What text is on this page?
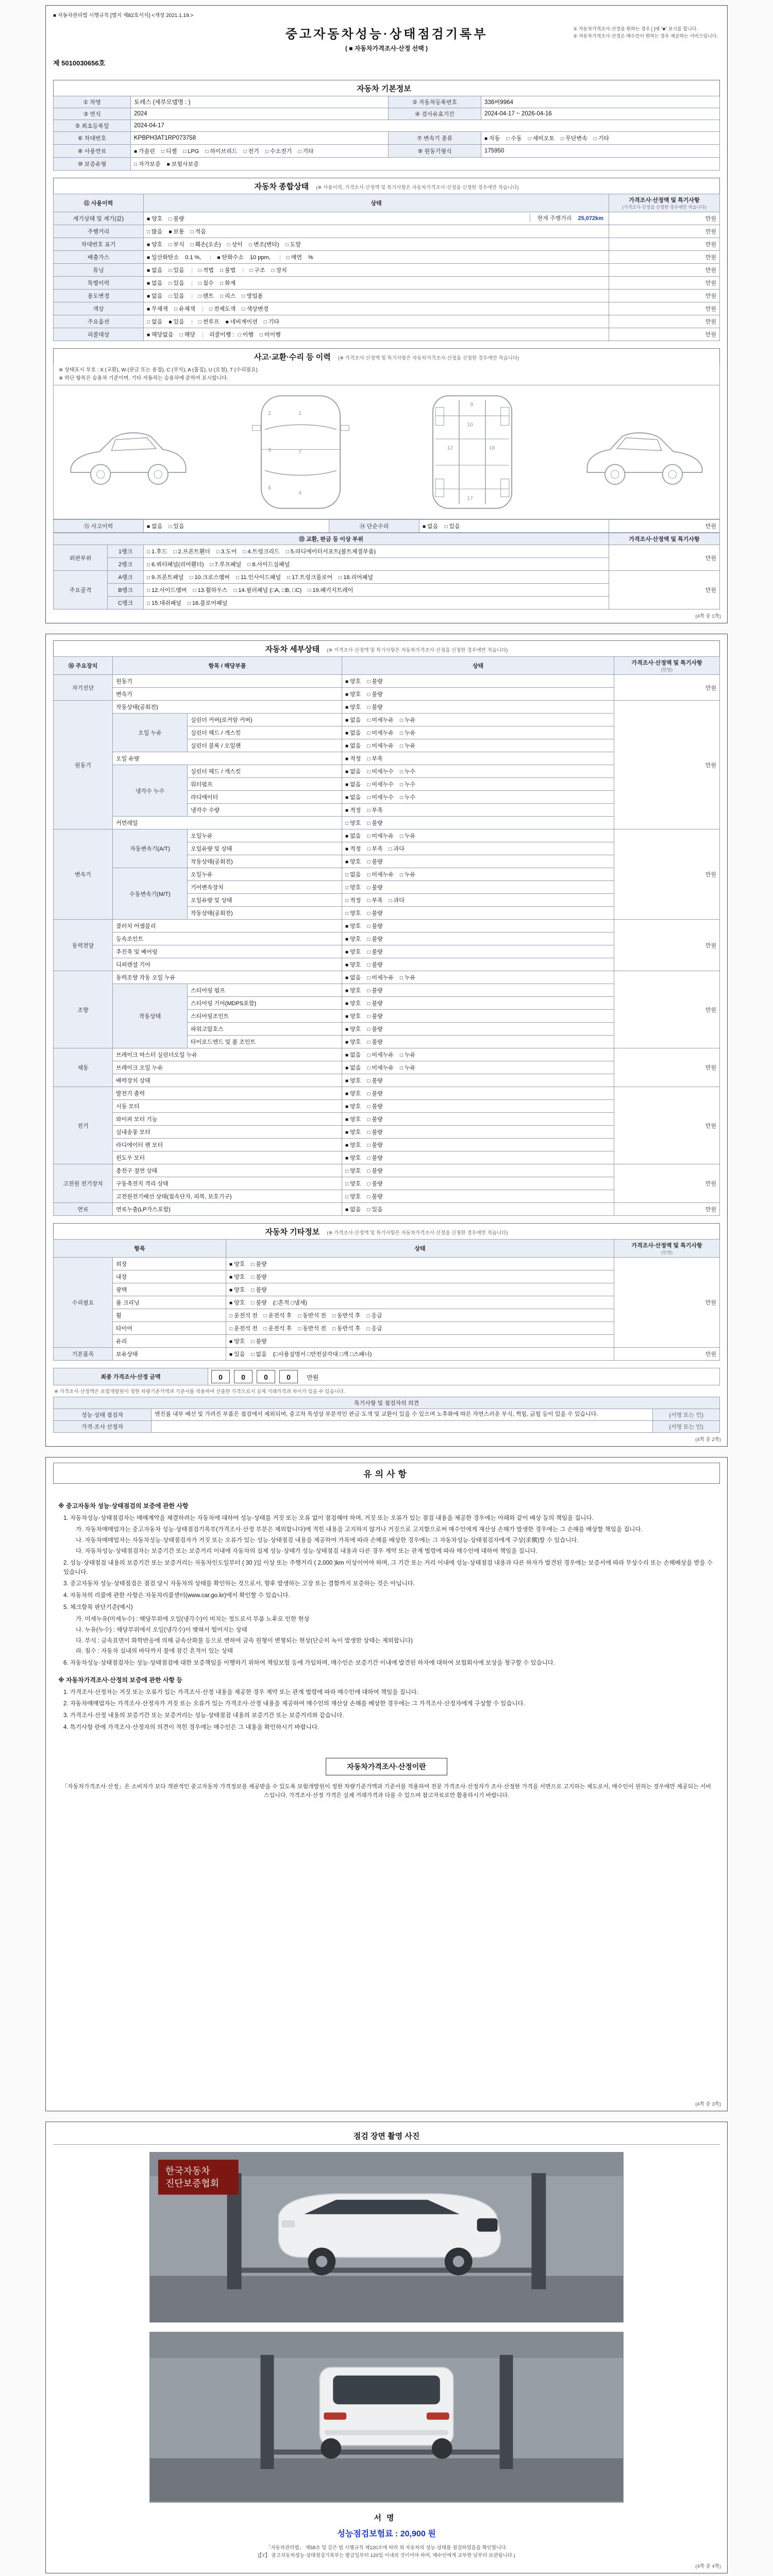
■ 자동차관리법 시행규칙 [별지 제82호서식] <개정 2021.1.19.>
중고자동차성능·상태점검기록부
( ■ 자동차가격조사·산정 선택 )
① 자동차가격조사·산정을 원하는 경우 [ ]에 "■" 표시를 합니다.
② 자동차가격조사·산정은 매수인이 원하는 경우 제공하는 서비스입니다.
제 5010030656호
자동차 기본정보
① 차명	토레스 (세부모델명 : )	② 자동차등록번호	336버9964
③ 연식	2024	④ 검사유효기간	2024-04-17 ~ 2026-04-16
⑤ 최초등록일	2024-04-17		
⑥ 차대번호	KPBPH3AT1RP073758	⑦ 변속기 종류	■ 자동 □ 수동 □ 세미오토 □ 무단변속 □ 기타
⑧ 사용연료	■ 가솔린 □ 디젤 □ LPG □ 하이브리드 □ 전기 □ 수소전기 □ 기타	⑨ 원동기형식	175950
⑩ 보증유형	□ 자가보증 ■ 보험사보증		
자동차 종합상태 (※ 사용이력, 가격조사·산정액 및 특기사항은 자동차가격조사·산정을 신청한 경우에만 적습니다)
⑪ 사용이력	상태	가격조사·산정액 및 특기사항
(가격조사·산정을 신청한 경우에만 적습니다)

계기상태 및 계기(값)	■ 양호 □ 불량 현재 주행거리 25,072km	만원
주행거리	□ 많음 ■ 보통 □ 적음	만원
차대번호 표기	■ 양호 □ 부식 □ 훼손(오손) □ 상이 □ 변조(변타) □ 도말	만원
배출가스	■ 일산화탄소 0.1 %, ■ 탄화수소 10 ppm, □ 매연 %	만원
튜닝	■ 없음 □ 있음 □ 적법 □ 불법 □ 구조 □ 장치	만원
특별이력	■ 없음 □ 있음 □ 침수 □ 화재	만원
용도변경	■ 없음 □ 있음 □ 렌트 □ 리스 □ 영업용	만원
색상	■ 무채색 □ 유채색 □ 전체도색 □ 색상변경	만원
주요옵션	□ 없음 ■ 있음 □ 썬루프 ■ 네비게이션 □ 기타	만원
리콜대상	■ 해당없음 □ 해당 리콜이행 : □ 이행 □ 미이행	만원
사고·교환·수리 등 이력 (※ 가격조사·산정액 및 특기사항은 자동차가격조사·산정을 신청한 경우에만 적습니다)
※ 상태표시 부호 : X (교환), W (판금 또는 용접), C (부식), A (흠집), U (요철), T (수리필요)
※ 하단 항목은 승용차 기준이며, 기타 자동차는 승용차에 준하여 표시합니다.
1
2
3
4
6
7
9
10
12	16
17
⑬ 사고이력	■ 없음 □ 있음	⑭ 단순수리	■ 없음 □ 있음	만원
⑮ 교환, 판금 등 이상 부위			가격조사·산정액 및 특기사항
외판부위	1랭크	□ 1.후드 □ 2.프론트휀더 □ 3.도어 □ 4.트렁크리드 □ 5.라디에이터서포트(볼트체결부품)	만원
	2랭크	□ 6.쿼터패널(리어휀더) □ 7.루프패널 □ 8.사이드실패널	
주요골격	A랭크	□ 9.프론트패널 □ 10.크로스멤버 □ 11.인사이드패널 □ 17.트렁크플로어 □ 18.리어패널	만원
	B랭크	□ 12.사이드멤버 □ 13.휠하우스 □ 14.필러패널 (□A, □B, □C) □ 19.패키지트레이	
	C랭크	□ 15.대쉬패널 □ 16.플로어패널	
(4쪽 중 1쪽)
자동차 세부상태 (※ 가격조사·산정액 및 특기사항은 자동차가격조사·산정을 신청한 경우에만 적습니다)
⑯ 주요장치	항목 / 해당부품		상태	가격조사·산정액 및 특기사항
(만원)

자기진단	원동기		■ 양호 □ 불량	만원
	변속기		■ 양호 □ 불량	
원동기	작동상태(공회전)		■ 양호 □ 불량	만원
	오일 누유	실린더 커버(로커암 커버)	■ 없음 □ 미세누유 □ 누유	
		실린더 헤드 / 개스킷	■ 없음 □ 미세누유 □ 누유	
		실린더 블록 / 오일팬	■ 없음 □ 미세누유 □ 누유	
	오일 유량		■ 적정 □ 부족	
	냉각수 누수	실린더 헤드 / 개스킷	■ 없음 □ 미세누수 □ 누수	
		워터펌프	■ 없음 □ 미세누수 □ 누수	
		라디에이터	■ 없음 □ 미세누수 □ 누수	
		냉각수 수량	■ 적정 □ 부족	
	커먼레일		□ 양호 □ 불량	
변속기	자동변속기(A/T)	오일누유	■ 없음 □ 미세누유 □ 누유	만원
		오일유량 및 상태	■ 적정 □ 부족 □ 과다	
		작동상태(공회전)	■ 양호 □ 불량	
	수동변속기(M/T)	오일누유	□ 없음 □ 미세누유 □ 누유	
		기어변속장치	□ 양호 □ 불량	
		오일유량 및 상태	□ 적정 □ 부족 □ 과다	
		작동상태(공회전)	□ 양호 □ 불량	
동력전달	클러치 어셈블리		■ 양호 □ 불량	만원
	등속조인트		■ 양호 □ 불량	
	추진축 및 베어링		■ 양호 □ 불량	
	디퍼렌셜 기어		■ 양호 □ 불량	
조향	동력조향 작동 오일 누유		■ 없음 □ 미세누유 □ 누유	만원
	작동상태	스티어링 펌프	■ 양호 □ 불량	
		스티어링 기어(MDPS포함)	■ 양호 □ 불량	
		스티어링조인트	■ 양호 □ 불량	
		파워고압호스	■ 양호 □ 불량	
		타이로드엔드 및 볼 조인트	■ 양호 □ 불량	
제동	브레이크 마스터 실린더오일 누유		■ 없음 □ 미세누유 □ 누유	만원
	브레이크 오일 누유		■ 없음 □ 미세누유 □ 누유	
	배력장치 상태		■ 양호 □ 불량	
전기	발전기 출력		■ 양호 □ 불량	만원
	시동 모터		■ 양호 □ 불량	
	와이퍼 모터 기능		■ 양호 □ 불량	
	실내송풍 모터		■ 양호 □ 불량	
	라디에이터 팬 모터		■ 양호 □ 불량	
	윈도우 모터		■ 양호 □ 불량	
고전원 전기장치	충전구 절연 상태		□ 양호 □ 불량	만원
	구동축전지 격리 상태		□ 양호 □ 불량	
	고전원전기배선 상태(접속단자, 피복, 보호기구)		□ 양호 □ 불량	
연료	연료누출(LP가스포함)		■ 없음 □ 있음	만원
자동차 기타정보 (※ 가격조사·산정액 및 특기사항은 자동차가격조사·산정을 신청한 경우에만 적습니다)
항목		상태	가격조사·산정액 및 특기사항
(만원)

수리필요	외장	■ 양호 □ 불량	만원
	내장	■ 양호 □ 불량	
	광택	■ 양호 □ 불량	
	룸 크리닝	■ 양호 □ 불량 (□흔적 □냄새)	
	휠	□ 운전석 전 □ 운전석 후 □ 동반석 전 □ 동반석 후 □ 응급	
	타이어	□ 운전석 전 □ 운전석 후 □ 동반석 전 □ 동반석 후 □ 응급	
	유리	■ 양호 □ 불량	
기본품목	보유상태	■ 있음 □ 없음 (□사용설명서 □안전삼각대 □잭 □스패너)	만원
최종 가격조사·산정 금액	0	0	0	0	만원
※ 가격조사·산정액은 보험개발원이 정한 차량기준가액과 기준서를 적용하여 산출한 가격으로서 실제 거래가격과 차이가 있을 수 있습니다.
특기사항 및 점검자의 의견		
성능·상태 점검자	엔진룸 내부 배선 및 가려진 부품은 점검에서 제외되며, 중고차 특성상 부분적인 판금·도색 및 교환이 있을 수 있으며 노후화에 따른 자연스러운 부식, 찍힘, 긁힘 등이 있을 수 있습니다.	(서명 또는 인)
가격·조사 산정자		(서명 또는 인)
(4쪽 중 2쪽)
유의사항
※ 중고자동차 성능·상태점검의 보증에 관한 사항
1. 자동차성능·상태점검자는 매매계약을 체결하려는 자동차에 대하여 성능·상태를 거짓 또는 오류 없이 점검해야 하며, 거짓 또는 오류가 있는 점검 내용을 제공한 경우에는 아래와 같이 배상 등의 책임을 집니다.
가. 자동차매매업자는 중고자동차 성능·상태점검기록부(가격조사·산정 부분은 제외합니다)에 적힌 내용을 고지하지 않거나 거짓으로 고지함으로써 매수인에게 재산상 손해가 발생한 경우에는 그 손해를 배상할 책임을 집니다.
나. 자동차매매업자는 자동차성능·상태점검자가 거짓 또는 오류가 있는 성능·상태점검 내용을 제공하여 가목에 따라 손해를 배상한 경우에는 그 자동차성능·상태점검자에게 구상(求償)할 수 있습니다.
다. 자동차성능·상태점검자는 보증기간 또는 보증거리 이내에 자동차의 실제 성능·상태가 성능·상태점검 내용과 다른 경우 계약 또는 관계 법령에 따라 매수인에 대하여 책임을 집니다.
2. 성능·상태점검 내용의 보증기간 또는 보증거리는 자동차인도일부터 ( 30 )일 이상 또는 주행거리 ( 2,000 )km 이상이어야 하며, 그 기간 또는 거리 이내에 성능·상태점검 내용과 다른 하자가 발견된 경우에는 보증서에 따라 무상수리 또는 손해배상을 받을 수 있습니다.
3. 중고자동차 성능·상태점검은 점검 당시 자동차의 상태를 확인하는 것으로서, 향후 발생하는 고장 또는 결함까지 보증하는 것은 아닙니다.
4. 자동차의 리콜에 관한 사항은 자동차리콜센터(www.car.go.kr)에서 확인할 수 있습니다.
5. 체크항목 판단기준(예시)
가. 미세누유(미세누수) : 해당부위에 오일(냉각수)이 비치는 정도로서 부품 노후로 인한 현상
나. 누유(누수) : 해당부위에서 오일(냉각수)이 맺혀서 떨어지는 상태
다. 부식 : 금속표면이 화학반응에 의해 금속산화물 등으로 변하여 금속 원형이 변형되는 현상(단순히 녹이 발생한 상태는 제외합니다)
라. 침수 : 자동차 실내의 바닥까지 물에 잠긴 흔적이 있는 상태
6. 자동차성능·상태점검자는 성능·상태점검에 대한 보증책임을 이행하기 위하여 책임보험 등에 가입하며, 매수인은 보증기간 이내에 발견된 하자에 대하여 보험회사에 보상을 청구할 수 있습니다.
※ 자동차가격조사·산정의 보증에 관한 사항 등
1. 가격조사·산정자는 거짓 또는 오류가 있는 가격조사·산정 내용을 제공한 경우 계약 또는 관계 법령에 따라 매수인에 대하여 책임을 집니다.
2. 자동차매매업자는 가격조사·산정자가 거짓 또는 오류가 있는 가격조사·산정 내용을 제공하여 매수인의 재산상 손해를 배상한 경우에는 그 가격조사·산정자에게 구상할 수 있습니다.
3. 가격조사·산정 내용의 보증기간 또는 보증거리는 성능·상태점검 내용의 보증기간 또는 보증거리와 같습니다.
4. 특기사항 란에 가격조사·산정자의 의견이 적힌 경우에는 매수인은 그 내용을 확인하시기 바랍니다.
자동차가격조사·산정이란
「자동차가격조사·산정」은 소비자가 보다 객관적인 중고자동차 가격정보를 제공받을 수 있도록 보험개발원이 정한 차량기준가액과 기준서를 적용하여 전문 가격조사·산정자가 조사·산정한 가격을 서면으로 고지하는 제도로서, 매수인이 원하는 경우에만 제공되는 서비스입니다. 가격조사·산정 가격은 실제 거래가격과 다를 수 있으며 참고자료로만 활용하시기 바랍니다.
(4쪽 중 3쪽)
점검 장면 촬영 사진
한국자동차
진단보증협회
서명
성능점검보험료 : 20,900 원
「자동차관리법」 제58조 및 같은 법 시행규칙 제120조에 따라 위 자동차의 성능·상태를 점검하였음을 확인합니다.
(【Y】 중고자동차성능·상태점검기록부는 발급일부터 120일 이내의 것이어야 하며, 매수인에게 교부한 날부터 보관됩니다.)
(4쪽 중 4쪽)
